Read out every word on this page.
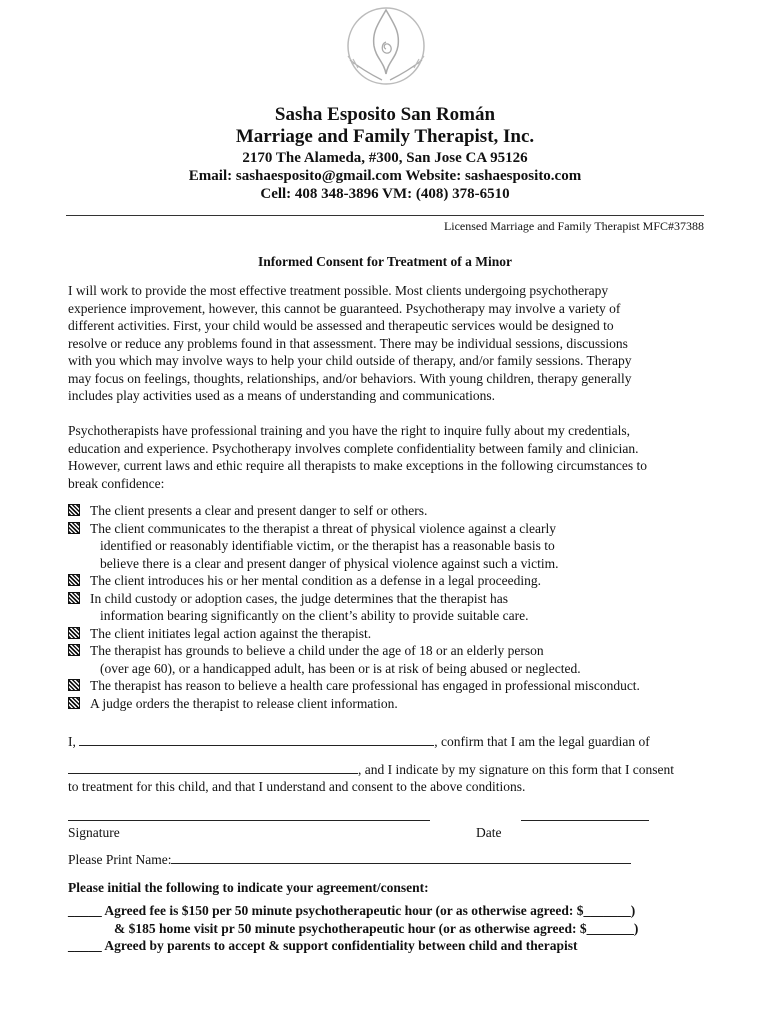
Sasha Esposito San Román
Marriage and Family Therapist, Inc.
2170 The Alameda, #300, San Jose CA 95126
Email: sashaesposito@gmail.com Website: sashaesposito.com
Cell: 408 348-3896 VM: (408) 378-6510
Licensed Marriage and Family Therapist MFC#37388
Informed Consent for Treatment of a Minor
I will work to provide the most effective treatment possible. Most clients undergoing psychotherapy
experience improvement, however, this cannot be guaranteed. Psychotherapy may involve a variety of
different activities. First, your child would be assessed and therapeutic services would be designed to
resolve or reduce any problems found in that assessment. There may be individual sessions, discussions
with you which may involve ways to help your child outside of therapy, and/or family sessions. Therapy
may focus on feelings, thoughts, relationships, and/or behaviors. With young children, therapy generally
includes play activities used as a means of understanding and communications.
Psychotherapists have professional training and you have the right to inquire fully about my credentials,
education and experience. Psychotherapy involves complete confidentiality between family and clinician.
However, current laws and ethic require all therapists to make exceptions in the following circumstances to
break confidence:
The client presents a clear and present danger to self or others.
The client communicates to the therapist a threat of physical violence against a clearly
identified or reasonably identifiable victim, or the therapist has a reasonable basis to
believe there is a clear and present danger of physical violence against such a victim.
The client introduces his or her mental condition as a defense in a legal proceeding.
In child custody or adoption cases, the judge determines that the therapist has
information bearing significantly on the client’s ability to provide suitable care.
The client initiates legal action against the therapist.
The therapist has grounds to believe a child under the age of 18 or an elderly person
(over age 60), or a handicapped adult, has been or is at risk of being abused or neglected.
The therapist has reason to believe a health care professional has engaged in professional misconduct.
A judge orders the therapist to release client information.
I,	, confirm that I am the legal guardian of
, and I indicate by my signature on this form that I consent
to treatment for this child, and that I understand and consent to the above conditions.
Signature	Date
Please Print Name:
Please initial the following to indicate your agreement/consent:
_____ Agreed fee is $150 per 50 minute psychotherapeutic hour (or as otherwise agreed: $_______)
& $185 home visit pr 50 minute psychotherapeutic hour (or as otherwise agreed: $_______)
_____ Agreed by parents to accept & support confidentiality between child and therapist
